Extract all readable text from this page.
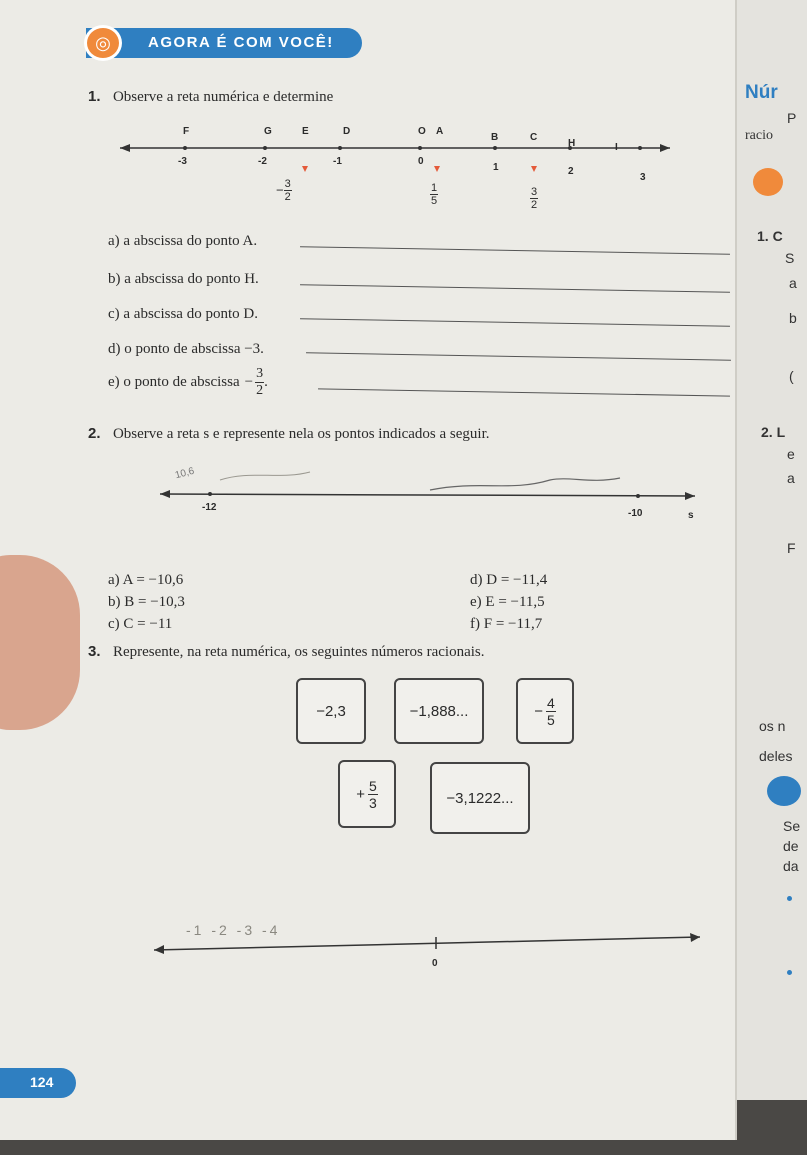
◎	AGORA É COM VOCÊ!
1. Observe a reta numérica e determine
F	G	E	D	O A
B	C
H	I
-3	-2	-1	0
1	2
3
− $\frac{3}{2}$	$\frac{1}{5}$	$\frac{3}{2}$
a) a abscissa do ponto A.
b) a abscissa do ponto H.
c) a abscissa do ponto D.
d) o ponto de abscissa −3.
e) o ponto de abscissa − $\frac{3}{2}$ .
2. Observe a reta s e represente nela os pontos indicados a seguir.
10,6
-12
-10	s
a) A = −10,6
b) B = −10,3
c) C = −11
d) D = −11,4
e) E = −11,5
f) F = −11,7
3. Represente, na reta numérica, os seguintes números racionais.
−2,3	−1,888...	− $\frac{4}{5}$
+ $\frac{5}{3}$	−3,1222...
-1 -2 -3 -4
0
124
Núr
P
racio
1. C
S
a
b
(
2. L
e
a
F
os n
deles
Se
de
da
